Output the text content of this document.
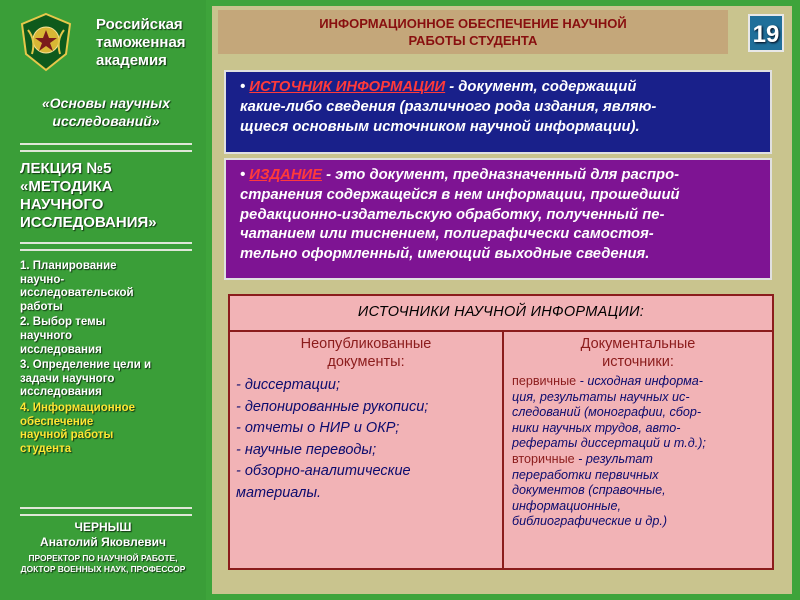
Российская
таможенная
академия
«Основы научных
исследований»
ЛЕКЦИЯ №5
«МЕТОДИКА
НАУЧНОГО
ИССЛЕДОВАНИЯ»
1. Планирование
научно-
исследовательской
работы
2. Выбор темы
научного
исследования
3. Определение цели и
задачи научного
исследования
4. Информационное
обеспечение
научной работы
студента
ЧЕРНЫШ
Анатолий Яковлевич
ПРОРЕКТОР ПО НАУЧНОЙ РАБОТЕ,
ДОКТОР ВОЕННЫХ НАУК, ПРОФЕССОР
ИНФОРМАЦИОННОЕ ОБЕСПЕЧЕНИЕ НАУЧНОЙ
РАБОТЫ СТУДЕНТА	19
• ИСТОЧНИК ИНФОРМАЦИИ - документ, содержащий
какие-либо сведения (различного рода издания, являю-
щиеся основным источником научной информации).
• ИЗДАНИЕ - это документ, предназначенный для распро-
странения содержащейся в нем информации, прошедший
редакционно-издательскую обработку, полученный пе-
чатанием или тиснением, полиграфически самостоя-
тельно оформленный, имеющий выходные сведения.
ИСТОЧНИКИ НАУЧНОЙ ИНФОРМАЦИИ:
Неопубликованные
документы:
- диссертации;
- депонированные рукописи;
- отчеты о НИР и ОКР;
- научные переводы;
- обзорно-аналитические
материалы.
Документальные
источники:
первичные - исходная информа-
ция, результаты научных ис-
следований (монографии, сбор-
ники научных трудов, авто-
рефераты диссертаций и т.д.);
вторичные - результат
переработки первичных
документов (справочные,
информационные,
библиографические и др.)
